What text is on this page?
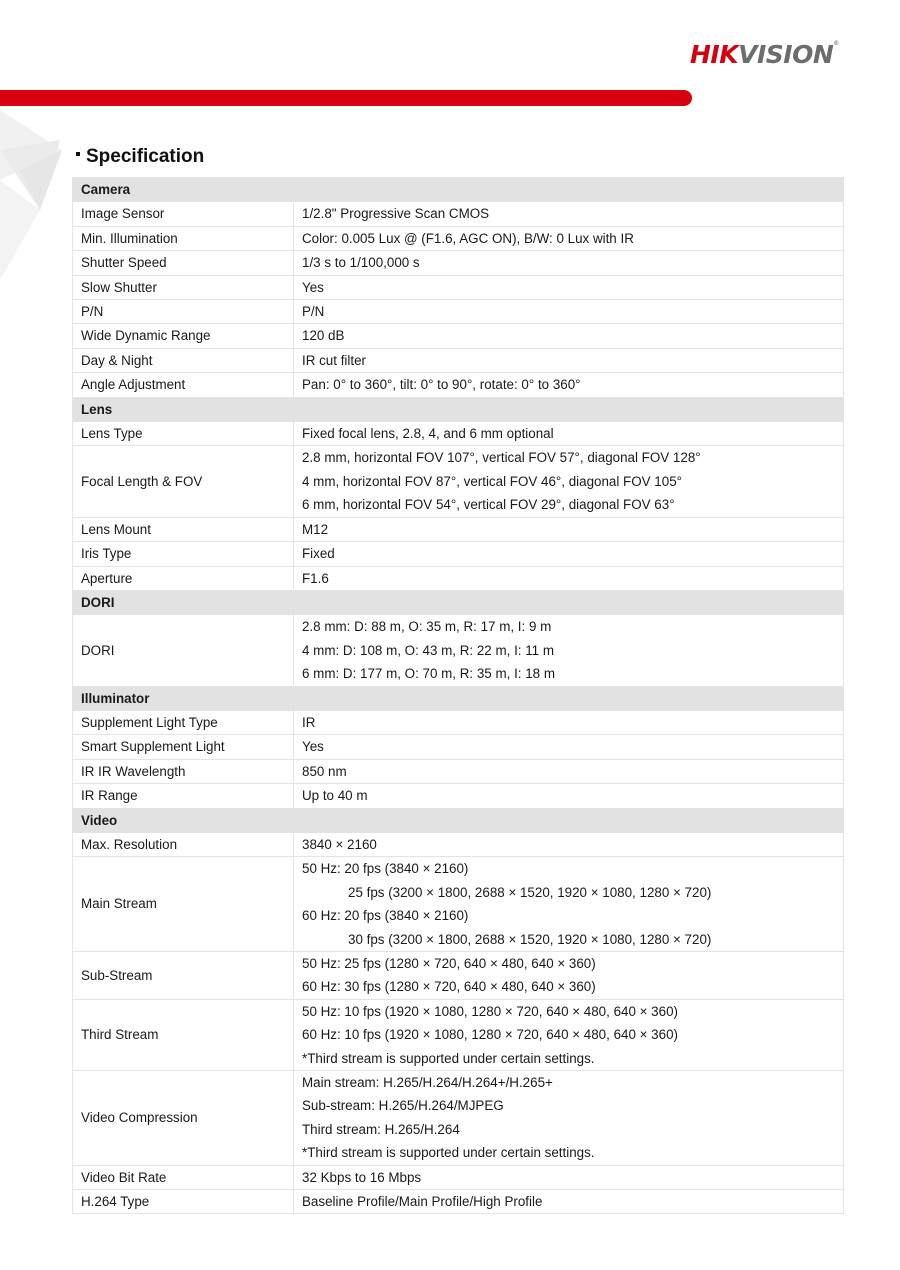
HIKVISION®
Specification
Camera	
Image Sensor	1/2.8" Progressive Scan CMOS

Min. Illumination	Color: 0.005 Lux @ (F1.6, AGC ON), B/W: 0 Lux with IR

Shutter Speed	1/3 s to 1/100,000 s

Slow Shutter	Yes

P/N	P/N

Wide Dynamic Range	120 dB

Day & Night	IR cut filter

Angle Adjustment	Pan: 0° to 360°, tilt: 0° to 90°, rotate: 0° to 360°

Lens	
Lens Type	Fixed focal lens, 2.8, 4, and 6 mm optional

Focal Length & FOV	2.8 mm, horizontal FOV 107°, vertical FOV 57°, diagonal FOV 128°
4 mm, horizontal FOV 87°, vertical FOV 46°, diagonal FOV 105°
6 mm, horizontal FOV 54°, vertical FOV 29°, diagonal FOV 63°

Lens Mount	M12

Iris Type	Fixed

Aperture	F1.6

DORI	
DORI	2.8 mm: D: 88 m, O: 35 m, R: 17 m, I: 9 m
4 mm: D: 108 m, O: 43 m, R: 22 m, I: 11 m
6 mm: D: 177 m, O: 70 m, R: 35 m, I: 18 m

Illuminator	
Supplement Light Type	IR

Smart Supplement Light	Yes

IR IR Wavelength	850 nm

IR Range	Up to 40 m

Video	
Max. Resolution	3840 × 2160

Main Stream	50 Hz: 20 fps (3840 × 2160)
25 fps (3200 × 1800, 2688 × 1520, 1920 × 1080, 1280 × 720)
60 Hz: 20 fps (3840 × 2160)
30 fps (3200 × 1800, 2688 × 1520, 1920 × 1080, 1280 × 720)

Sub-Stream	50 Hz: 25 fps (1280 × 720, 640 × 480, 640 × 360)
60 Hz: 30 fps (1280 × 720, 640 × 480, 640 × 360)

Third Stream	50 Hz: 10 fps (1920 × 1080, 1280 × 720, 640 × 480, 640 × 360)
60 Hz: 10 fps (1920 × 1080, 1280 × 720, 640 × 480, 640 × 360)
*Third stream is supported under certain settings.

Video Compression	Main stream: H.265/H.264/H.264+/H.265+
Sub-stream: H.265/H.264/MJPEG
Third stream: H.265/H.264
*Third stream is supported under certain settings.

Video Bit Rate	32 Kbps to 16 Mbps

H.264 Type	Baseline Profile/Main Profile/High Profile
